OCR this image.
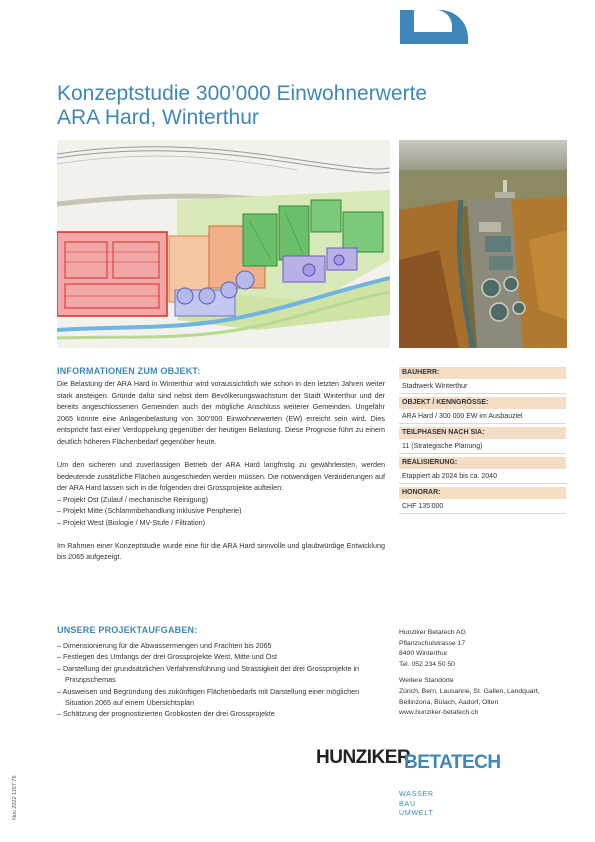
Konzeptstudie 300’000 Einwohnerwerte
ARA Hard, Winterthur
INFORMATIONEN ZUM OBJEKT:

Die Belastung der ARA Hard in Winterthur wird voraussichtlich wie schon in den letzten Jahren weiter stark ansteigen. Gründe dafür sind nebst dem Bevölkerungswachstum der Stadt Winterthur und der bereits angeschlossenen Gemeinden auch der mögliche Anschluss weiterer Gemeinden. Ungefähr 2065 könnte eine Anlagenbelastung von 300’000 Einwohnerwerten (EW) erreicht sein wird. Dies entspricht fast einer Verdoppelung gegenüber der heutigen Belastung. Diese Prognose führt zu einem deutlich höheren Flächenbedarf gegenüber heute.

Um den sicheren und zuverlässigen Betrieb der ARA Hard langfristig zu gewährleisten, werden bedeutende zusätzliche Flächen ausgeschieden werden müssen. Die notwendigen Veränderungen auf der ARA Hard lassen sich in die folgenden drei Grossprojekte aufteilen:
– Projekt Ost (Zulauf / mechanische Reinigung)
– Projekt Mitte (Schlammbehandlung inklusive Peripherie)
– Projekt West (Biologie / MV-Stufe / Filtration)

Im Rahmen einer Konzeptstudie wurde eine für die ARA Hard sinnvolle und glaubwürdige Entwicklung bis 2065 aufgezeigt.

UNSERE PROJEKTAUFGABEN:
– Dimensionierung für die Abwassermengen und Frachten bis 2065
– Festlegen des Umfangs der drei Grossprojekte West, Mitte und Ost
– Darstellung der grundsätzlichen Verfahrensführung und Strassigkeit der drei Grossprojekte in Prinzipschemas
– Ausweisen und Begründung des zukünftigen Flächenbedarfs mit Darstellung einer möglichen Situation 2065 auf einem Übersichtsplan
– Schätzung der prognostizierten Grobkosten der drei Grossprojekte
BAUHERR:
Stadtwerk Winterthur
OBJEKT / KENNGRÖSSE:
ARA Hard / 300 000 EW im Ausbauziel
TEILPHASEN NACH SIA:
11 (Strategische Planung)
REALISIERUNG:
Etappiert ab 2024 bis ca. 2040
HONORAR:
CHF 135’000
Hunziker Betatech AG
Pflanzschulstrasse 17
8400 Winterthur
Tel. 052 234 50 50
Weitere Standorte
Zürich, Bern, Lausanne, St. Gallen, Landquart,
Bellinzona, Bülach, Aadorf, Olten
www.hunziker-betatech.ch
Nov 2022 1167.76
HUNZIKER
BETATECH
WASSER
BAU
UMWELT
